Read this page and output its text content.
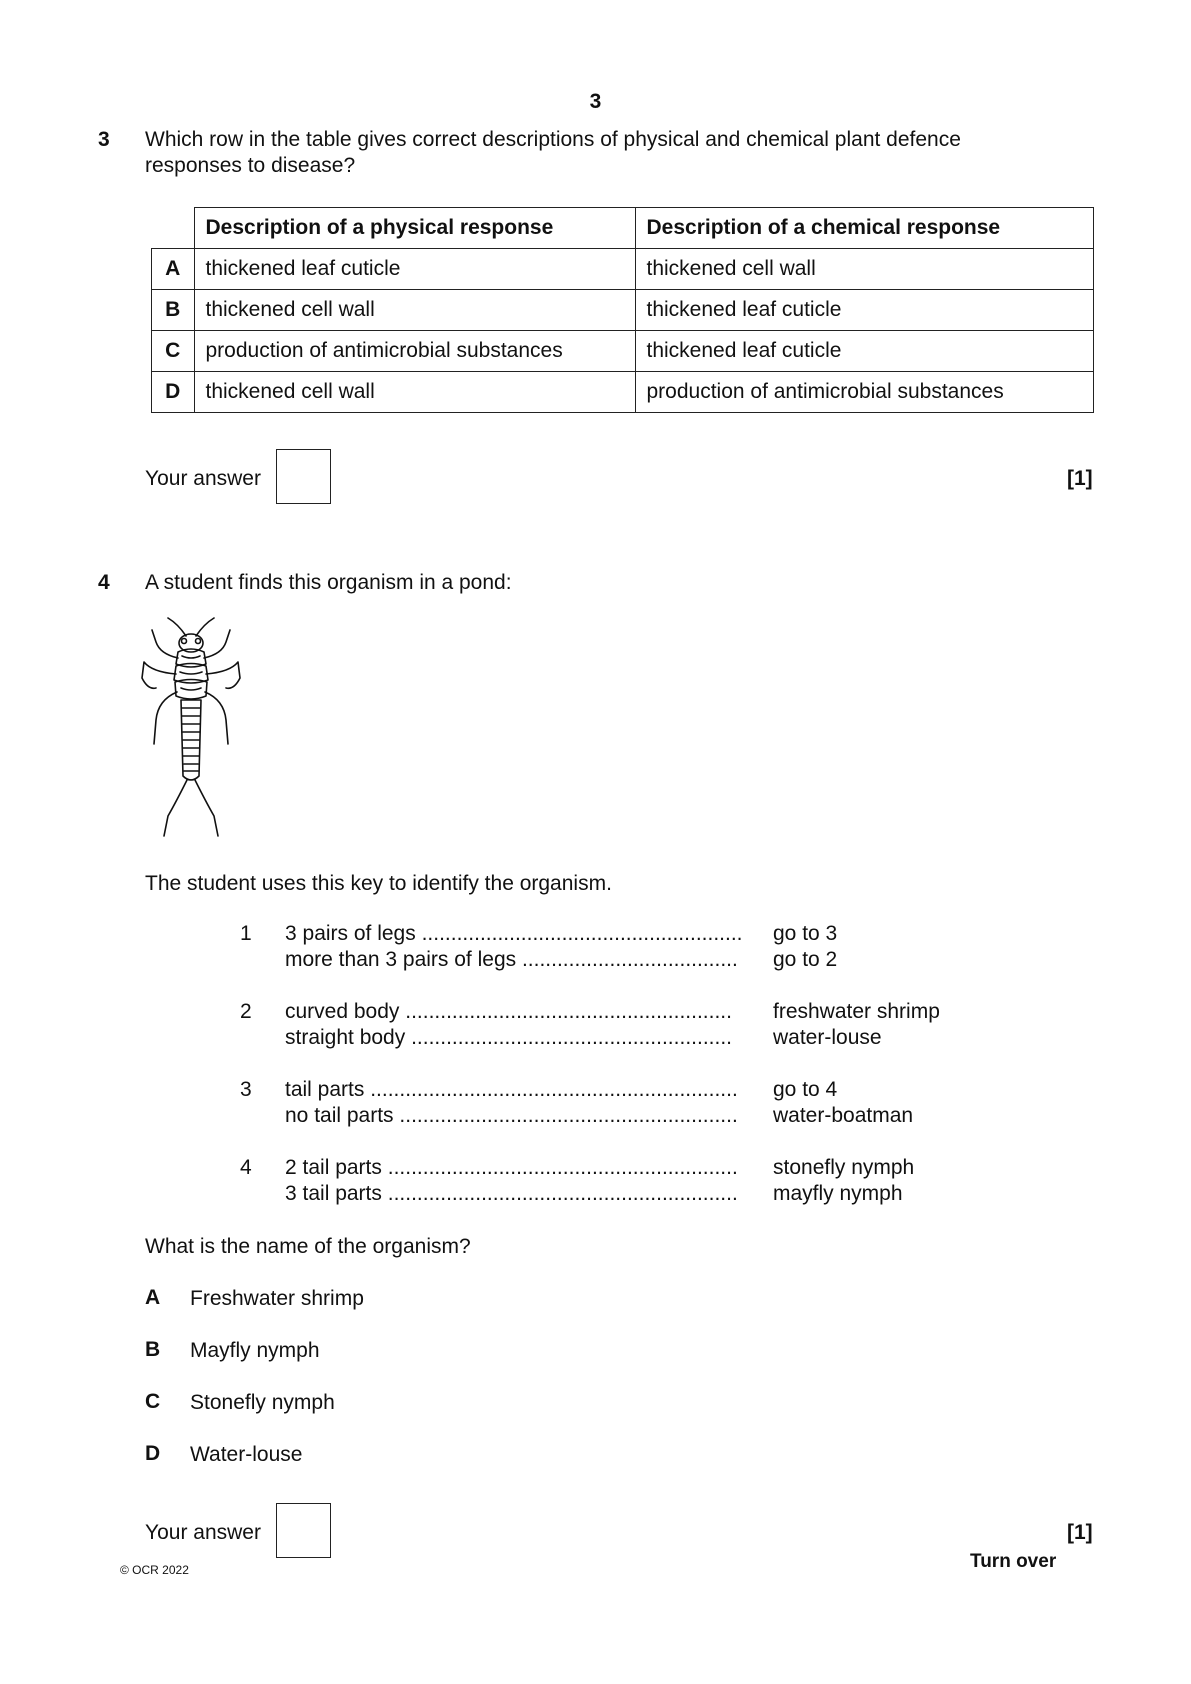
3
3 Which row in the table gives correct descriptions of physical and chemical plant defence
responses to disease?
	Description of a physical response	Description of a chemical response
A	thickened leaf cuticle	thickened cell wall
B	thickened cell wall	thickened leaf cuticle
C	production of antimicrobial substances	thickened leaf cuticle
D	thickened cell wall	production of antimicrobial substances
Your answer	[1]
4 A student finds this organism in a pond:
The student uses this key to identify the organism.
1 3 pairs of legs ....................................................... go to 3
more than 3 pairs of legs ..................................... go to 2
2 curved body ........................................................ freshwater shrimp
straight body ....................................................... water-louse
3 tail parts ............................................................... go to 4
no tail parts .......................................................... water-boatman
4 2 tail parts ............................................................ stonefly nymph
3 tail parts ............................................................ mayfly nymph
What is the name of the organism?
A Freshwater shrimp
B Mayfly nymph
C Stonefly nymph
D Water-louse
Your answer	[1]
© OCR 2022	Turn over
